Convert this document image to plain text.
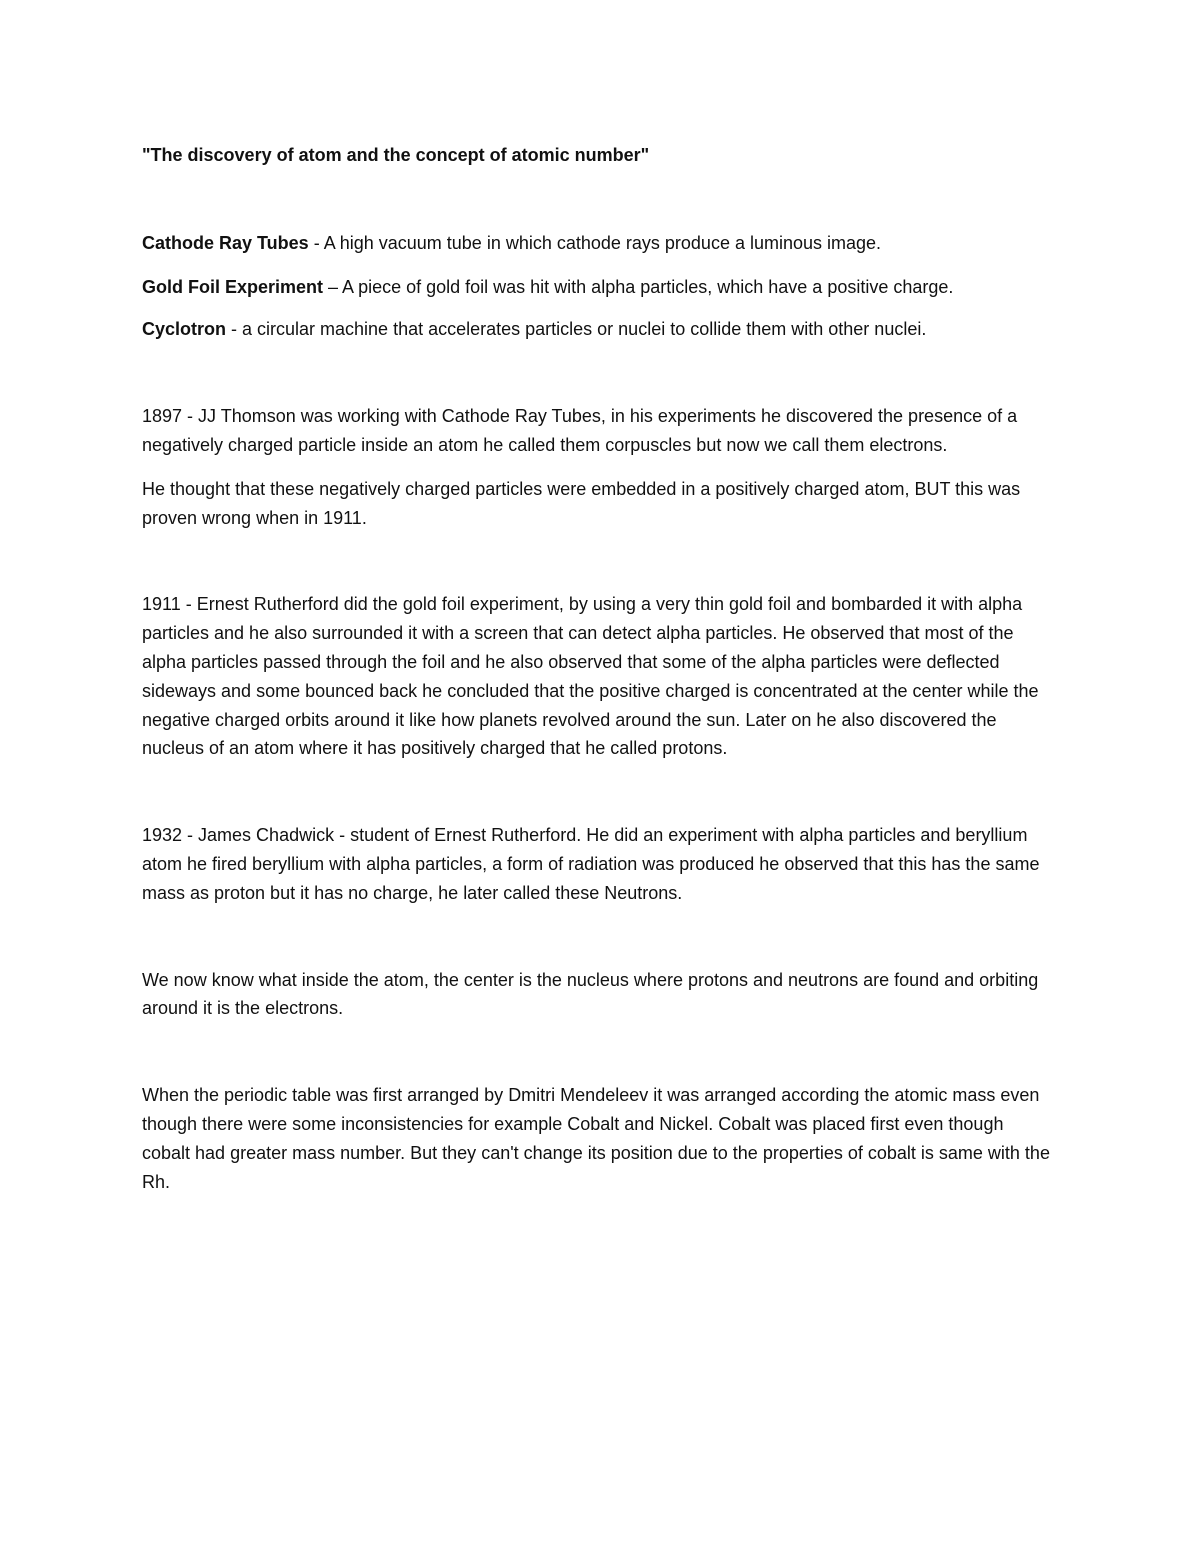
"The discovery of atom and the concept of atomic number"

Cathode Ray Tubes - A high vacuum tube in which cathode rays produce a luminous image.

Gold Foil Experiment – A piece of gold foil was hit with alpha particles, which have a positive charge.

Cyclotron - a circular machine that accelerates particles or nuclei to collide them with other nuclei.

1897 - JJ Thomson was working with Cathode Ray Tubes, in his experiments he discovered the presence of a negatively charged particle inside an atom he called them corpuscles but now we call them electrons.

He thought that these negatively charged particles were embedded in a positively charged atom, BUT this was proven wrong when in 1911.

1911 - Ernest Rutherford did the gold foil experiment, by using a very thin gold foil and bombarded it with alpha particles and he also surrounded it with a screen that can detect alpha particles. He observed that most of the alpha particles passed through the foil and he also observed that some of the alpha particles were deflected sideways and some bounced back he concluded that the positive charged is concentrated at the center while the negative charged orbits around it like how planets revolved around the sun. Later on he also discovered the nucleus of an atom where it has positively charged that he called protons.

1932 - James Chadwick - student of Ernest Rutherford. He did an experiment with alpha particles and beryllium atom he fired beryllium with alpha particles, a form of radiation was produced he observed that this has the same mass as proton but it has no charge, he later called these Neutrons.

We now know what inside the atom, the center is the nucleus where protons and neutrons are found and orbiting around it is the electrons.

When the periodic table was first arranged by Dmitri Mendeleev it was arranged according the atomic mass even though there were some inconsistencies for example Cobalt and Nickel. Cobalt was placed first even though cobalt had greater mass number. But they can't change its position due to the properties of cobalt is same with the Rh.
